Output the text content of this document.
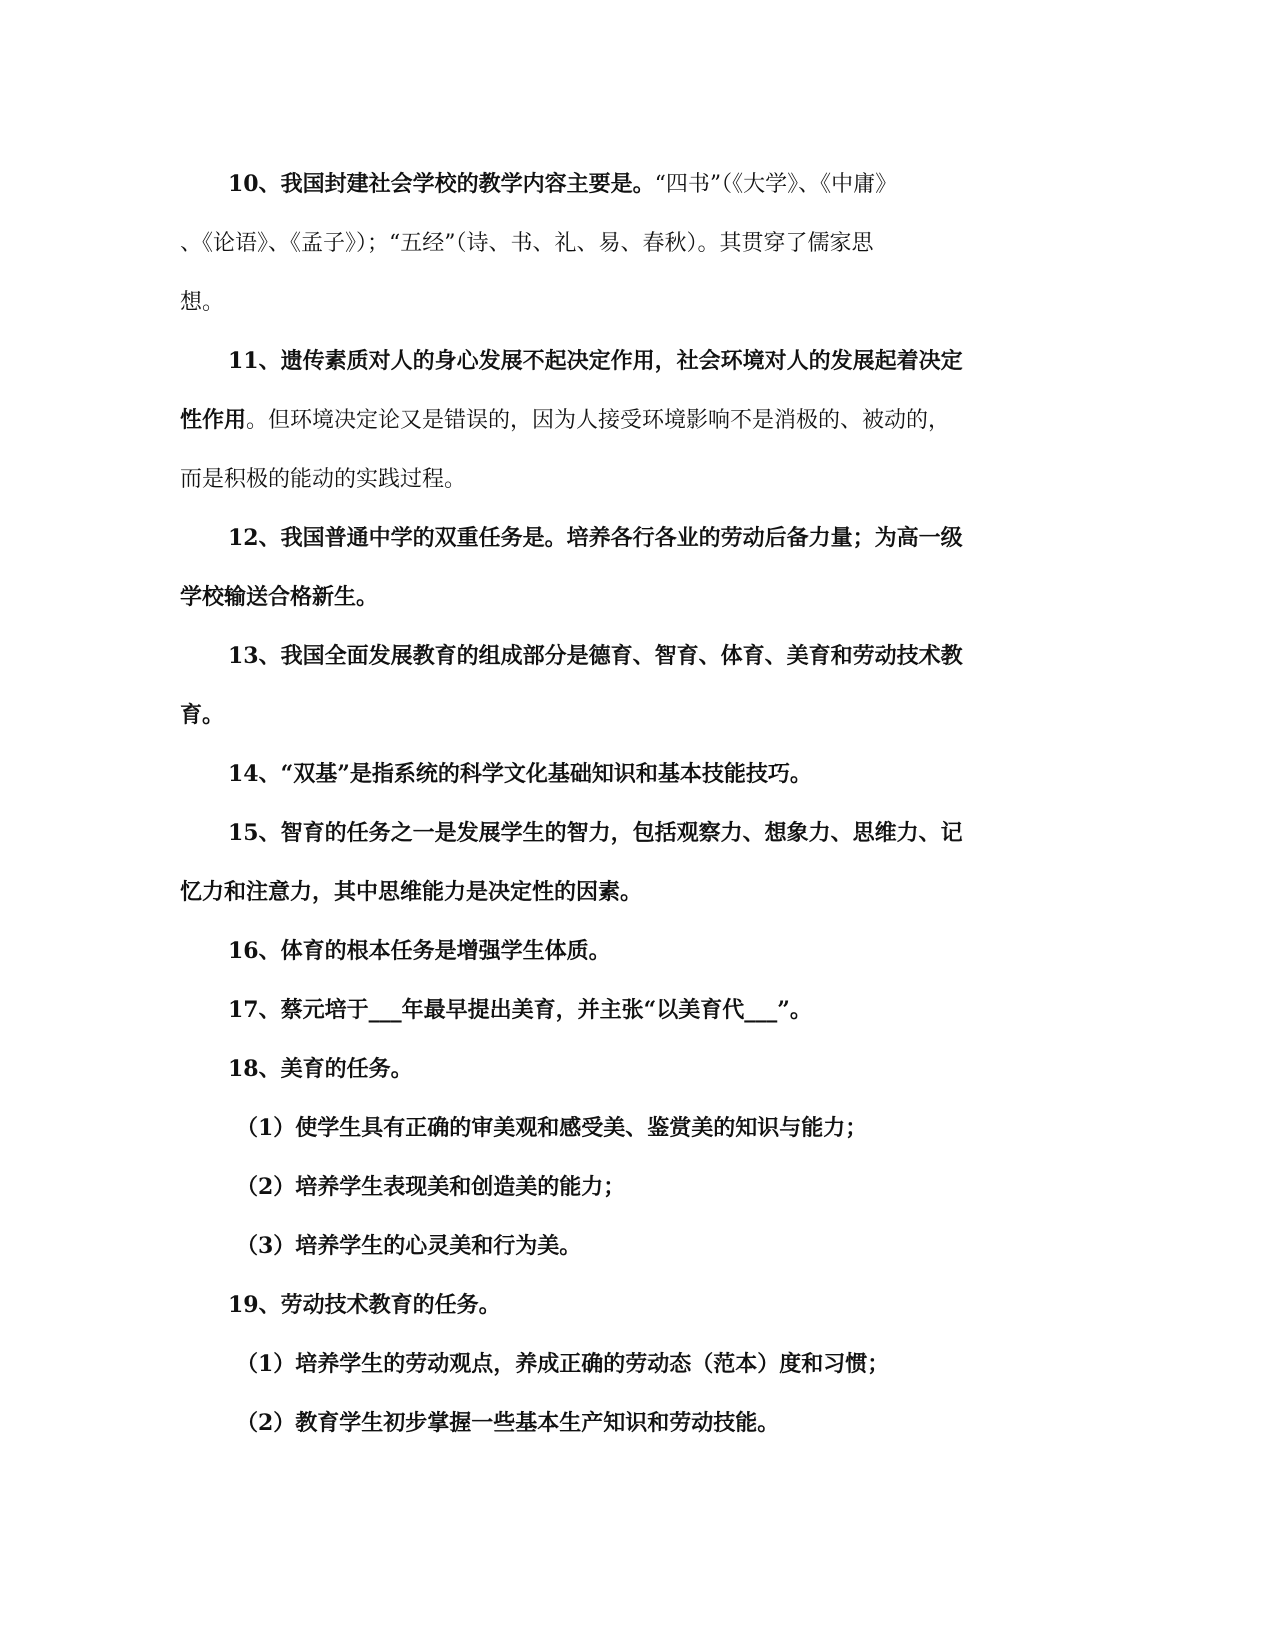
10、我国封建社会学校的教学内容主要是。“四书”（《大学》、《中庸》
、《论语》、《孟子》）；“五经”（诗、书、礼、易、春秋）。其贯穿了儒家思
想。
11、遗传素质对人的身心发展不起决定作用，社会环境对人的发展起着决定
性作用。但环境决定论又是错误的，因为人接受环境影响不是消极的、被动的，
而是积极的能动的实践过程。
12、我国普通中学的双重任务是。培养各行各业的劳动后备力量；为高一级
学校输送合格新生。
13、我国全面发展教育的组成部分是德育、智育、体育、美育和劳动技术教
育。
14、“双基”是指系统的科学文化基础知识和基本技能技巧。
15、智育的任务之一是发展学生的智力，包括观察力、想象力、思维力、记
忆力和注意力，其中思维能力是决定性的因素。
16、体育的根本任务是增强学生体质。
17、蔡元培于___年最早提出美育，并主张“以美育代___”。
18、美育的任务。
（1）使学生具有正确的审美观和感受美、鉴赏美的知识与能力；
（2）培养学生表现美和创造美的能力；
（3）培养学生的心灵美和行为美。
19、劳动技术教育的任务。
（1）培养学生的劳动观点，养成正确的劳动态（范本）度和习惯；
（2）教育学生初步掌握一些基本生产知识和劳动技能。
